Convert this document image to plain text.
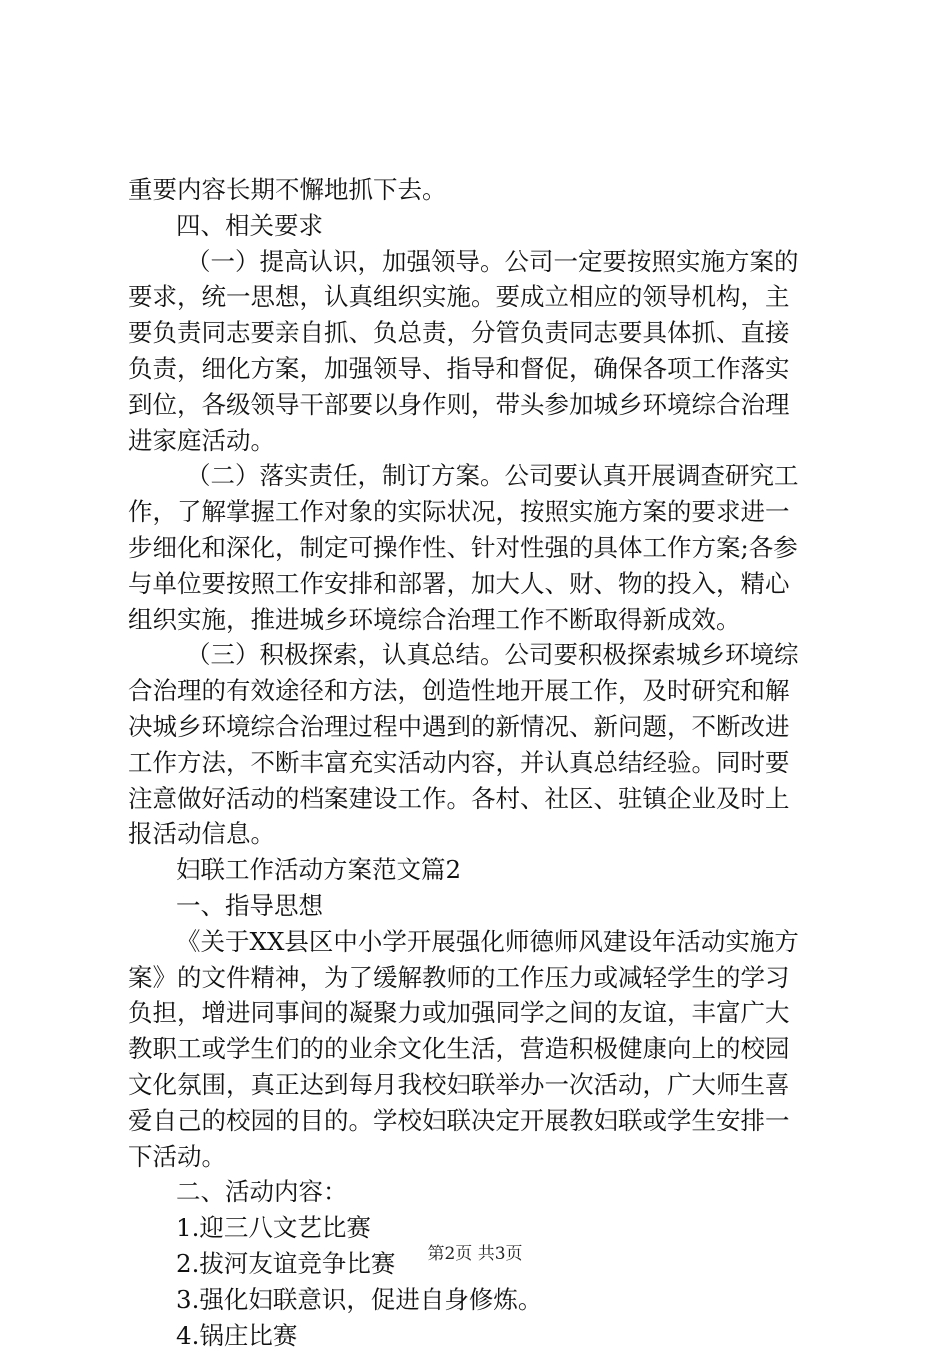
重要内容长期不懈地抓下去。
四、相关要求
（一）提高认识，加强领导。公司一定要按照实施方案的
要求，统一思想，认真组织实施。要成立相应的领导机构，主
要负责同志要亲自抓、负总责，分管负责同志要具体抓、直接
负责，细化方案，加强领导、指导和督促，确保各项工作落实
到位，各级领导干部要以身作则，带头参加城乡环境综合治理
进家庭活动。
（二）落实责任，制订方案。公司要认真开展调查研究工
作，了解掌握工作对象的实际状况，按照实施方案的要求进一
步细化和深化，制定可操作性、针对性强的具体工作方案;各参
与单位要按照工作安排和部署，加大人、财、物的投入，精心
组织实施，推进城乡环境综合治理工作不断取得新成效。
（三）积极探索，认真总结。公司要积极探索城乡环境综
合治理的有效途径和方法，创造性地开展工作，及时研究和解
决城乡环境综合治理过程中遇到的新情况、新问题，不断改进
工作方法，不断丰富充实活动内容，并认真总结经验。同时要
注意做好活动的档案建设工作。各村、社区、驻镇企业及时上
报活动信息。
妇联工作活动方案范文篇2
一、指导思想
《关于XX县区中小学开展强化师德师风建设年活动实施方
案》的文件精神，为了缓解教师的工作压力或减轻学生的学习
负担，增进同事间的凝聚力或加强同学之间的友谊，丰富广大
教职工或学生们的的业余文化生活，营造积极健康向上的校园
文化氛围，真正达到每月我校妇联举办一次活动，广大师生喜
爱自己的校园的目的。学校妇联决定开展教妇联或学生安排一
下活动。
二、活动内容：
1.迎三八文艺比赛
2.拔河友谊竞争比赛
3.强化妇联意识，促进自身修炼。
4.锅庄比赛
第2页 共3页
